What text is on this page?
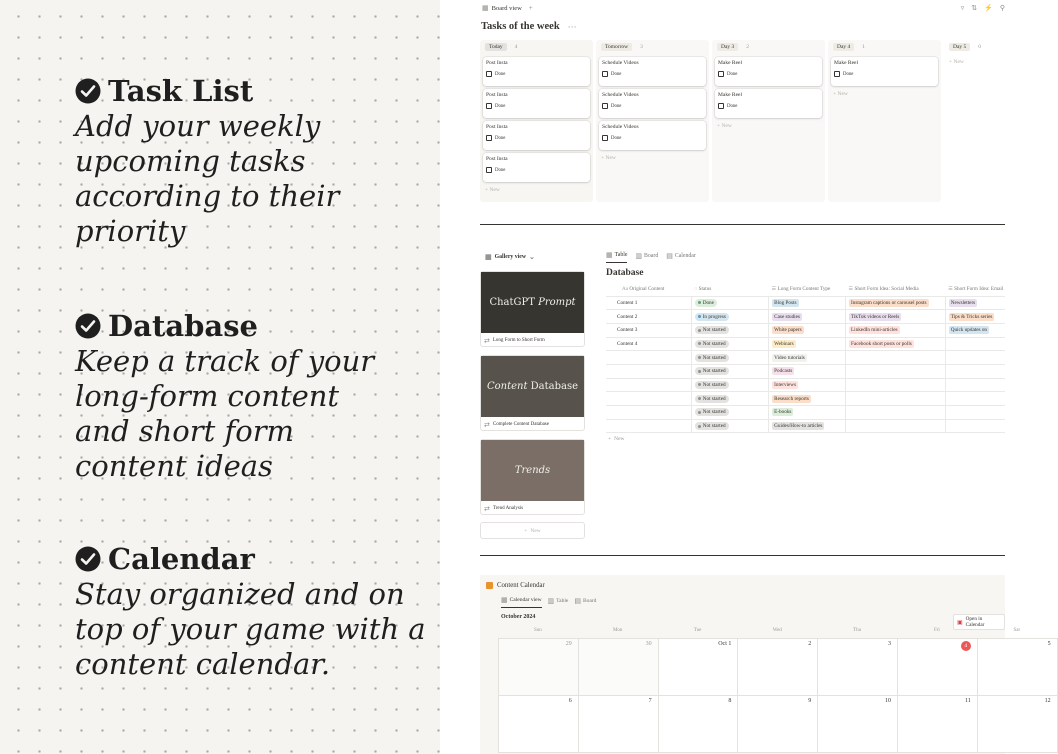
Task List
Add your weekly
upcoming tasks
according to their
priority
Database
Keep a track of your
long-form content
and short form
content ideas
Calendar
Stay organized and on
top of your game with a
content calendar.
▦ Board view +	▿ ⇅ ⚡ ⚲
Tasks of the week ···
Today	4
Post Insta
Done
Post Insta
Done
Post Insta
Done
Post Insta
Done
+ New
Tomorrow	3
Schedule Videos
Done
Schedule Videos
Done
Schedule Videos
Done
+ New
Day 3	2
Make Reel
Done
Make Reel
Done
+ New
Day 4	1
Make Reel
Done
+ New
Day 5	0
+ New
▦ Gallery view ⌄
ChatGPT Prompt
⇄ Long Form to Short Form
Content Database
⇄ Complete Content Database
Trends
⇄ Trend Analysis
+ New
▦ Table ▥ Board ▤ Calendar
Database
Aa Original Content	◌ Status	☰ Long Form Content Type	☰ Short Form Idea: Social Media	☰ Short Form Idea: Email
Content 1	Done	Blog Posts	Instagram captions or carousel posts	Newsletters
Content 2	In progress	Case studies	TikTok videos or Reels	Tips & Tricks series
Content 3	Not started	White papers	LinkedIn mini-articles	Quick updates on
Content 4	Not started	Webinars	Facebook short posts or polls	

	Not started	Video tutorials		

	Not started	Podcasts		

	Not started	Interviews		

	Not started	Research reports		

	Not started	E-books		

	Not started	Guides/How-to articles		
+ New
Content Calendar
▦ Calendar view ▥ Table ▤ Board
October 2024
▣
Open in Calendar
Sun	Mon	Tue	Wed	Thu	Fri	Sat
29	30	Oct 1	2	3	4	5
6	7	8	9	10	11	12
